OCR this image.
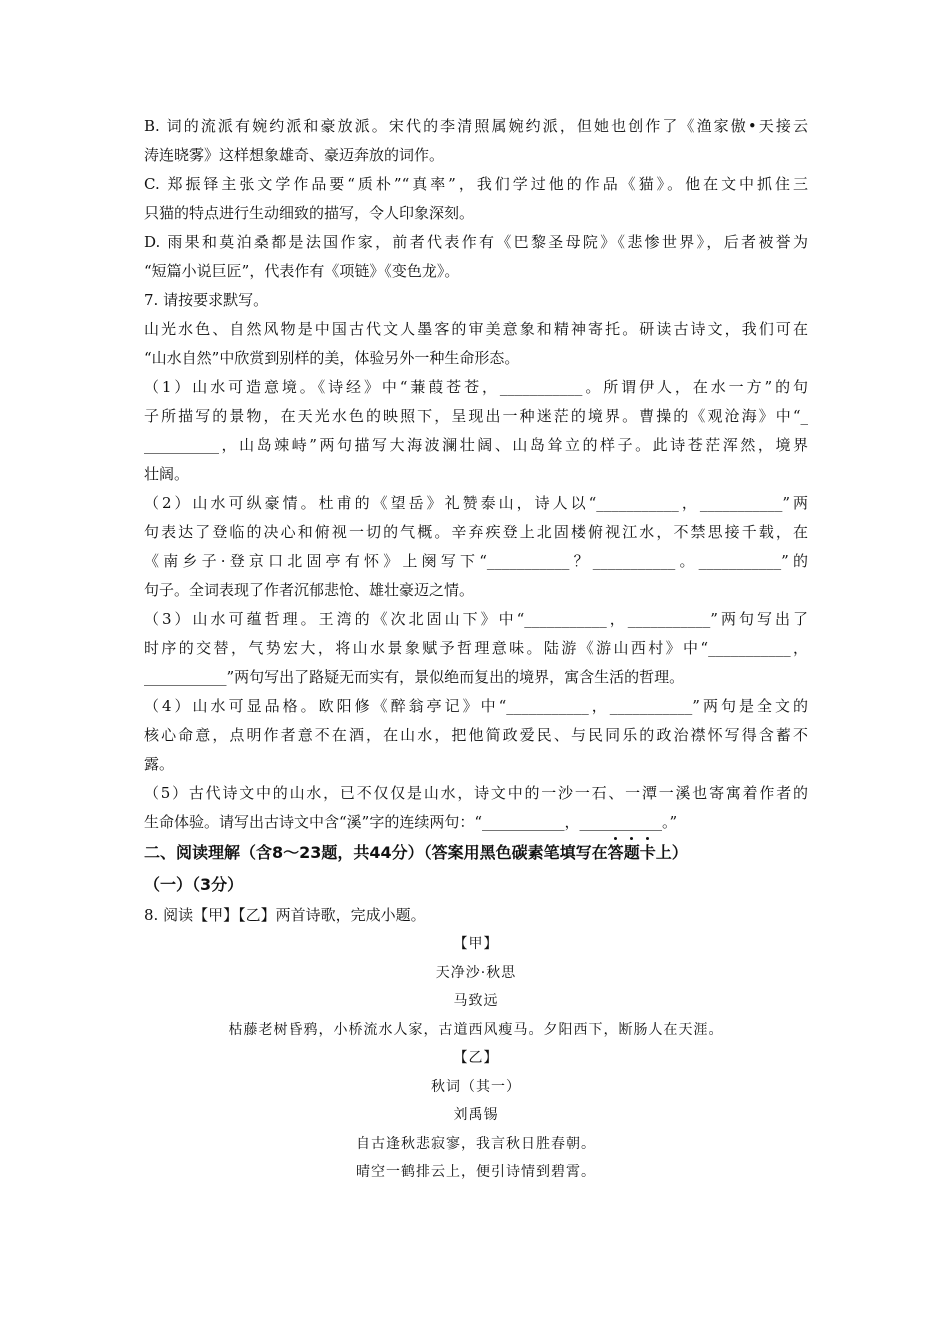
B. 词的流派有婉约派和豪放派。宋代的李清照属婉约派，但她也创作了《渔家傲•天接云
涛连晓雾》这样想象雄奇、豪迈奔放的词作。
C. 郑振铎主张文学作品要“质朴”“真率”，我们学过他的作品《猫》。他在文中抓住三
只猫的特点进行生动细致的描写，令人印象深刻。
D. 雨果和莫泊桑都是法国作家，前者代表作有《巴黎圣母院》《悲惨世界》，后者被誉为
“短篇小说巨匠”，代表作有《项链》《变色龙》。
7. 请按要求默写。
山光水色、自然风物是中国古代文人墨客的审美意象和精神寄托。研读古诗文，我们可在
“山水自然”中欣赏到别样的美，体验另外一种生命形态。
（1）山水可造意境。《诗经》中“蒹葭苍苍，___________。所谓伊人，在水一方”的句
子所描写的景物，在天光水色的映照下，呈现出一种迷茫的境界。曹操的《观沧海》中“_
__________，山岛竦峙”两句描写大海波澜壮阔、山岛耸立的样子。此诗苍茫浑然，境界
壮阔。
（2）山水可纵豪情。杜甫的《望岳》礼赞泰山，诗人以“___________，___________”两
句表达了登临的决心和俯视一切的气概。辛弃疾登上北固楼俯视江水，不禁思接千载，在
《南乡子·登京口北固亭有怀》上阕写下“___________？___________。___________”的
句子。全词表现了作者沉郁悲怆、雄壮豪迈之情。
（3）山水可蕴哲理。王湾的《次北固山下》中“___________，___________”两句写出了
时序的交替，气势宏大，将山水景象赋予哲理意味。陆游《游山西村》中“___________，
___________”两句写出了路疑无而实有，景似绝而复出的境界，寓含生活的哲理。
（4）山水可显品格。欧阳修《醉翁亭记》中“___________，___________”两句是全文的
核心命意，点明作者意不在酒，在山水，把他简政爱民、与民同乐的政治襟怀写得含蓄不
露。
（5）古代诗文中的山水，已不仅仅是山水，诗文中的一沙一石、一潭一溪也寄寓着作者的
生命体验。请写出古诗文中含“溪”字的连续两句：“___________，___________。”
二、阅读理解（含8～23题，共44分）（答案用黑色碳素笔填写在答题卡上）
（一）（3分）
8. 阅读【甲】【乙】两首诗歌，完成小题。
【甲】
天净沙·秋思
马致远
枯藤老树昏鸦，小桥流水人家，古道西风瘦马。夕阳西下，断肠人在天涯。
【乙】
秋词（其一）
刘禹锡
自古逢秋悲寂寥，我言秋日胜春朝。
晴空一鹤排云上，便引诗情到碧霄。
